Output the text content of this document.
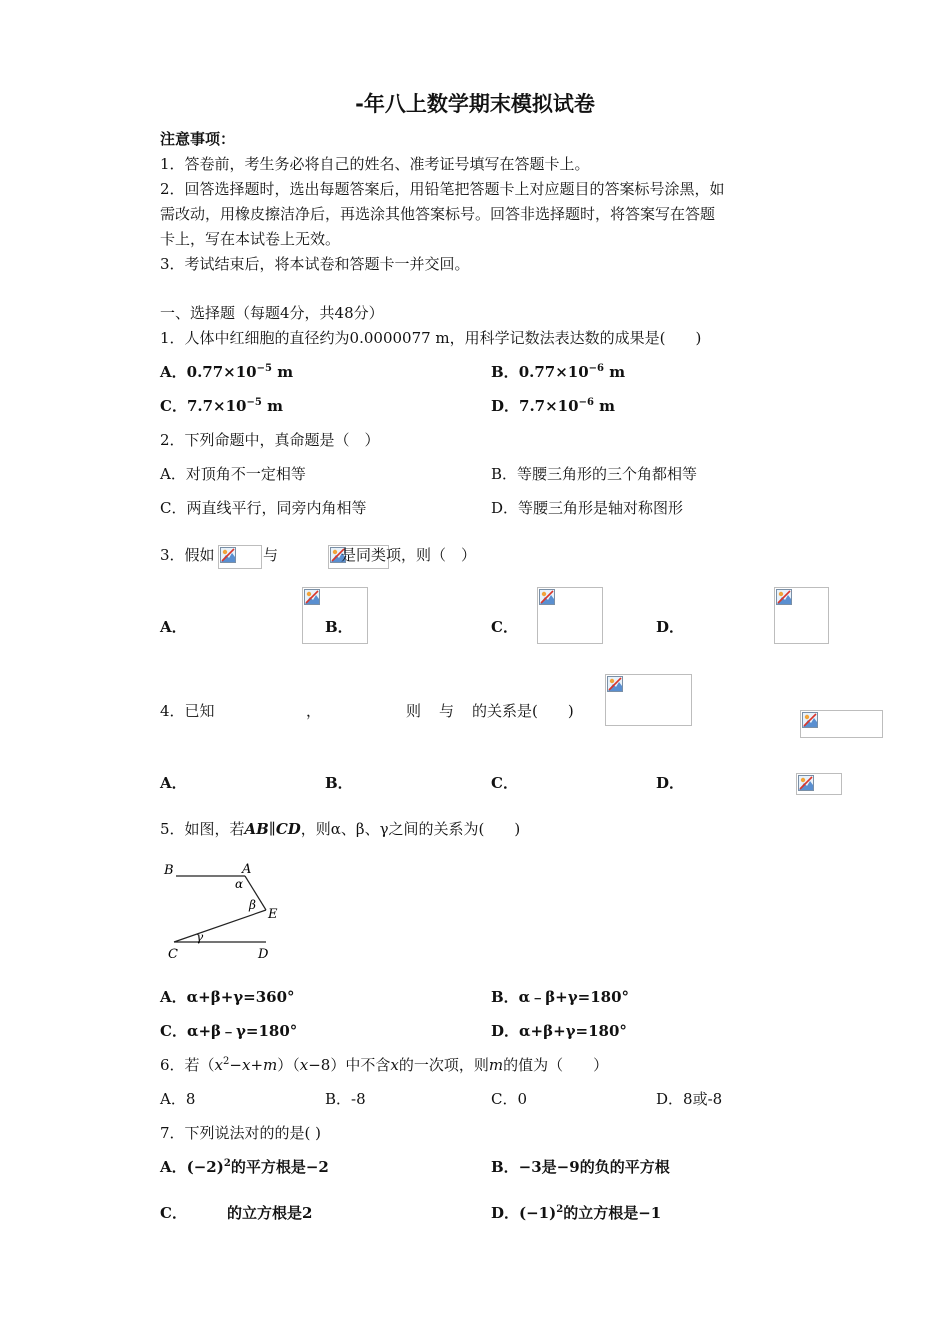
-年八上数学期末模拟试卷
注意事项：
1．答卷前，考生务必将自己的姓名、准考证号填写在答题卡上。
2．回答选择题时，选出每题答案后，用铅笔把答题卡上对应题目的答案标号涂黑，如
需改动，用橡皮擦洁净后，再选涂其他答案标号。回答非选择题时，将答案写在答题
卡上，写在本试卷上无效。
3．考试结束后，将本试卷和答题卡一并交回。
一、选择题（每题4分，共48分）
1．人体中红细胞的直径约为0.0000077 m，用科学记数法表达数的成果是(　　)
A．$0.77\times 10^{-5}$ m	B．$0.77\times 10^{-6}$ m
C．$7.7\times 10^{-5}$ m	D．$7.7\times 10^{-6}$ m
2．下列命题中，真命题是（　）
A．对顶角不一定相等	B．等腰三角形的三个角都相等
C．两直线平行，同旁内角相等	D．等腰三角形是轴对称图形
3．假如
	与
	是同类项，则（　）
A．
	B．
	C．
	D．

4．已知
	，
	则
与
的关系是(　　)
A．
	B．
	C．
	D．

5．如图，若AB∥CD，则α、β、γ之间的关系为(　　)
B	A
α
β
E
γ
C	D
A．α+β+γ=360°	B．α﹣β+γ=180°
C．α+β﹣γ=180°	D．α+β+γ=180°
6．若$(x^2-x+m)(x-8)$中不含x的一次项，则m的值为（　　）
A．8	B．-8	C．0	D．8或-8
7．下列说法对的的是( )
A．$(-2)^2$的平方根是−2	B．−3是−9的负的平方根
C．	的立方根是2	D．$(-1)^2$的立方根是−1
